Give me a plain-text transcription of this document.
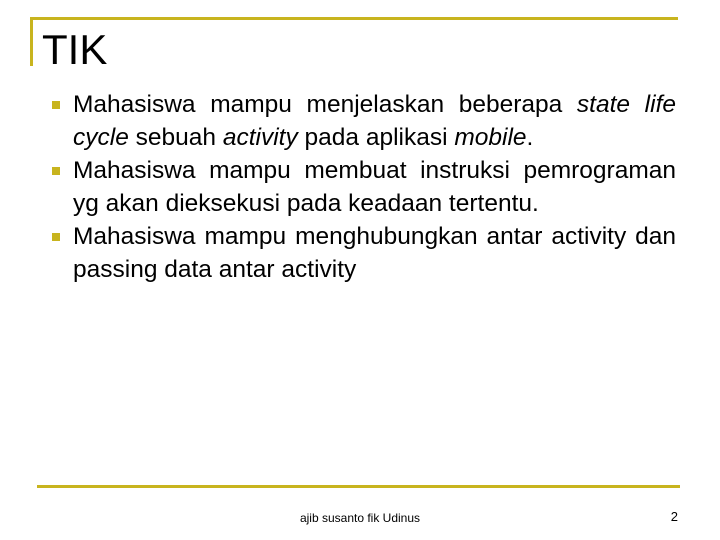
TIK
Mahasiswa mampu menjelaskan beberapa state life cycle sebuah activity pada aplikasi mobile.
Mahasiswa mampu membuat instruksi pemrograman yg akan dieksekusi pada keadaan tertentu.
Mahasiswa mampu menghubungkan antar activity dan passing data antar activity
ajib susanto fik Udinus	2
